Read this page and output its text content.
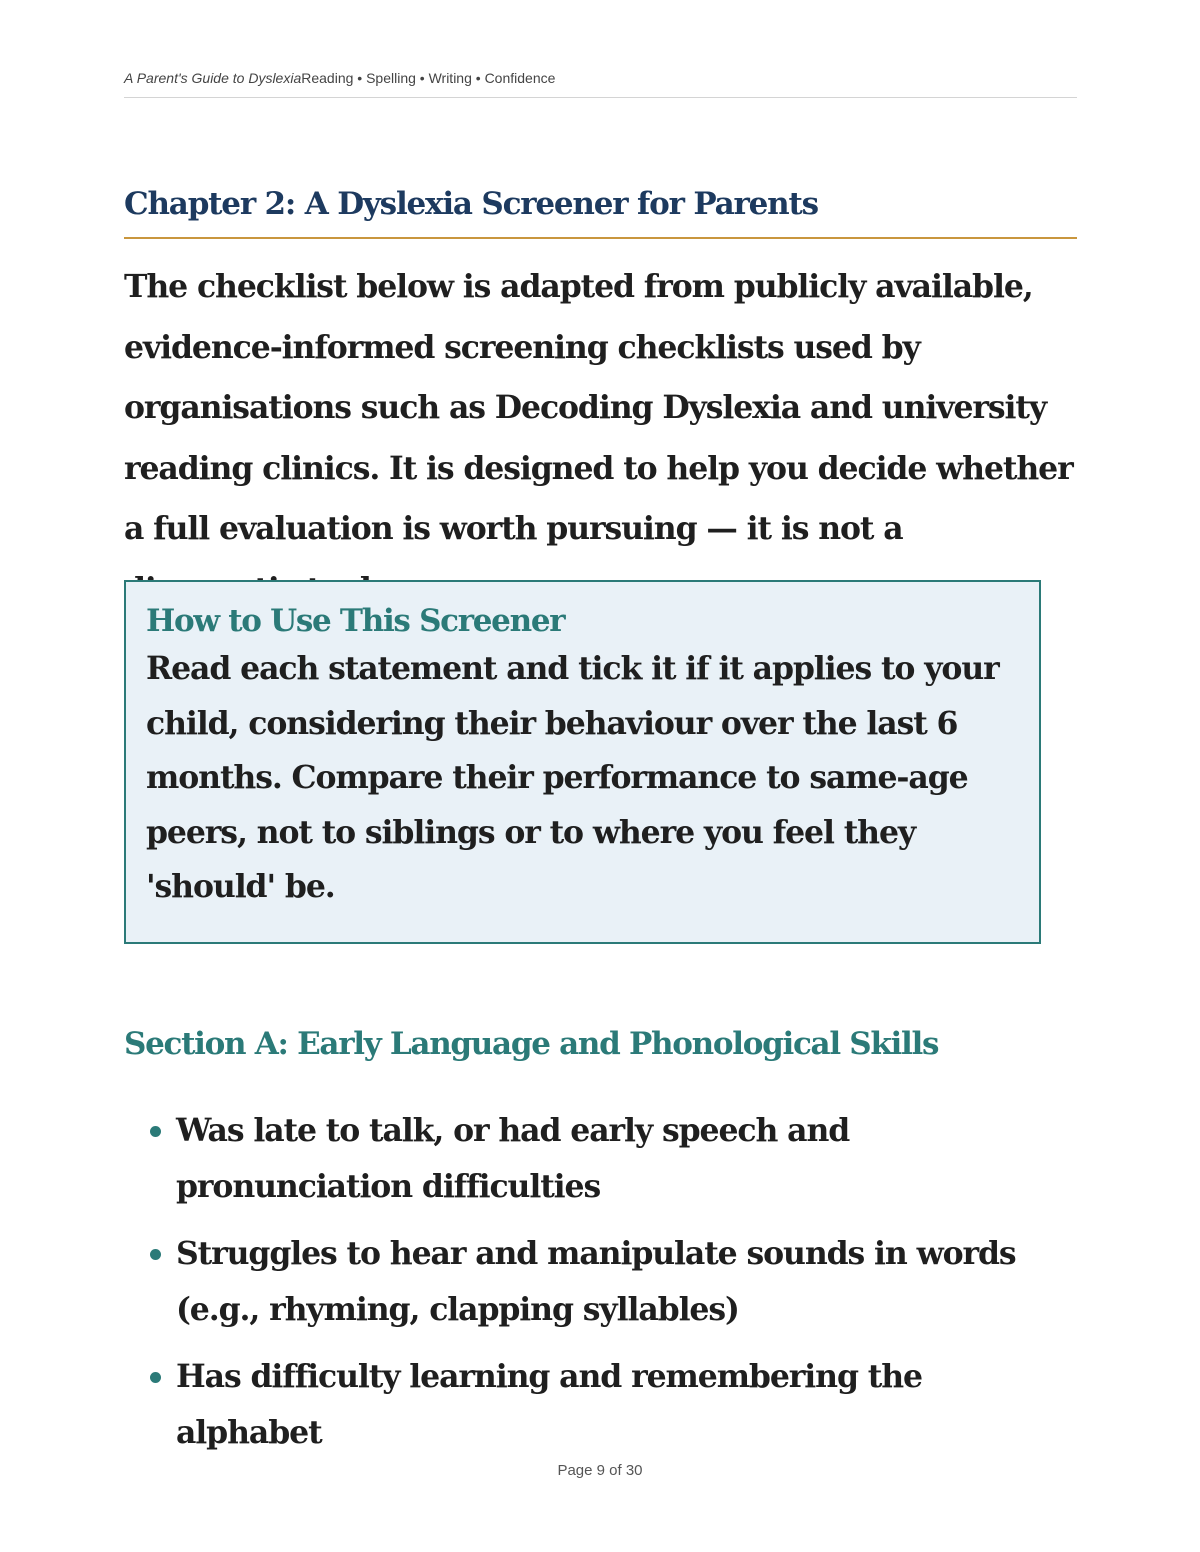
A Parent's Guide to DyslexiaReading • Spelling • Writing • Confidence
Chapter 2: A Dyslexia Screener for Parents

The checklist below is adapted from publicly available, evidence-informed screening checklists used by organisations such as Decoding Dyslexia and university reading clinics. It is designed to help you decide whether a full evaluation is worth pursuing — it is not a

How to Use This Screener

Read each statement and tick it if it applies to your child, considering their behaviour over the last 6 months. Compare their performance to same-age peers, not to siblings or to where you feel they 'should' be.

Section A: Early Language and Phonological Skills
Was late to talk, or had early speech and pronunciation difficulties
Struggles to hear and manipulate sounds in words (e.g., rhyming, clapping syllables)
Has difficulty learning and remembering the alphabet
Page 9 of 30
